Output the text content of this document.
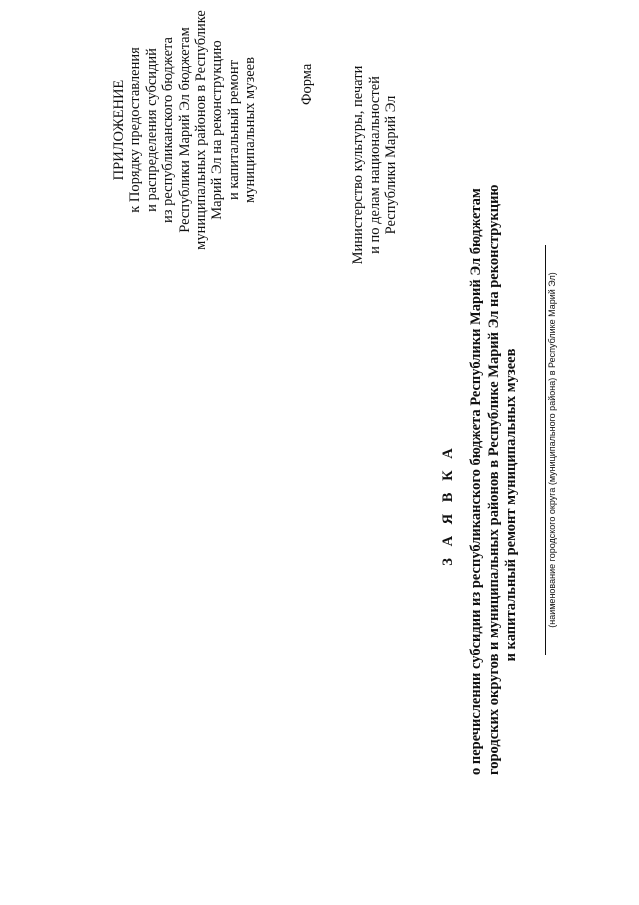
ПРИЛОЖЕНИЕ к Порядку предоставления и распределения субсидий из республиканского бюджета Республики Марий Эл бюджетам муниципальных районов в Республике Марий Эл на реконструкцию и капитальный ремонт муниципальных музеев	Форма Министерство культуры, печати и по делам национальностей Республики Марий Эл
З А Я В К А о перечислении субсидии из республиканского бюджета Республики Марий Эл бюджетам городских округов и муниципальных районов в Республике Марий Эл на реконструкцию и капитальный ремонт муниципальных музеев	(наименование городского округа (муниципального района) в Республике Марий Эл)
